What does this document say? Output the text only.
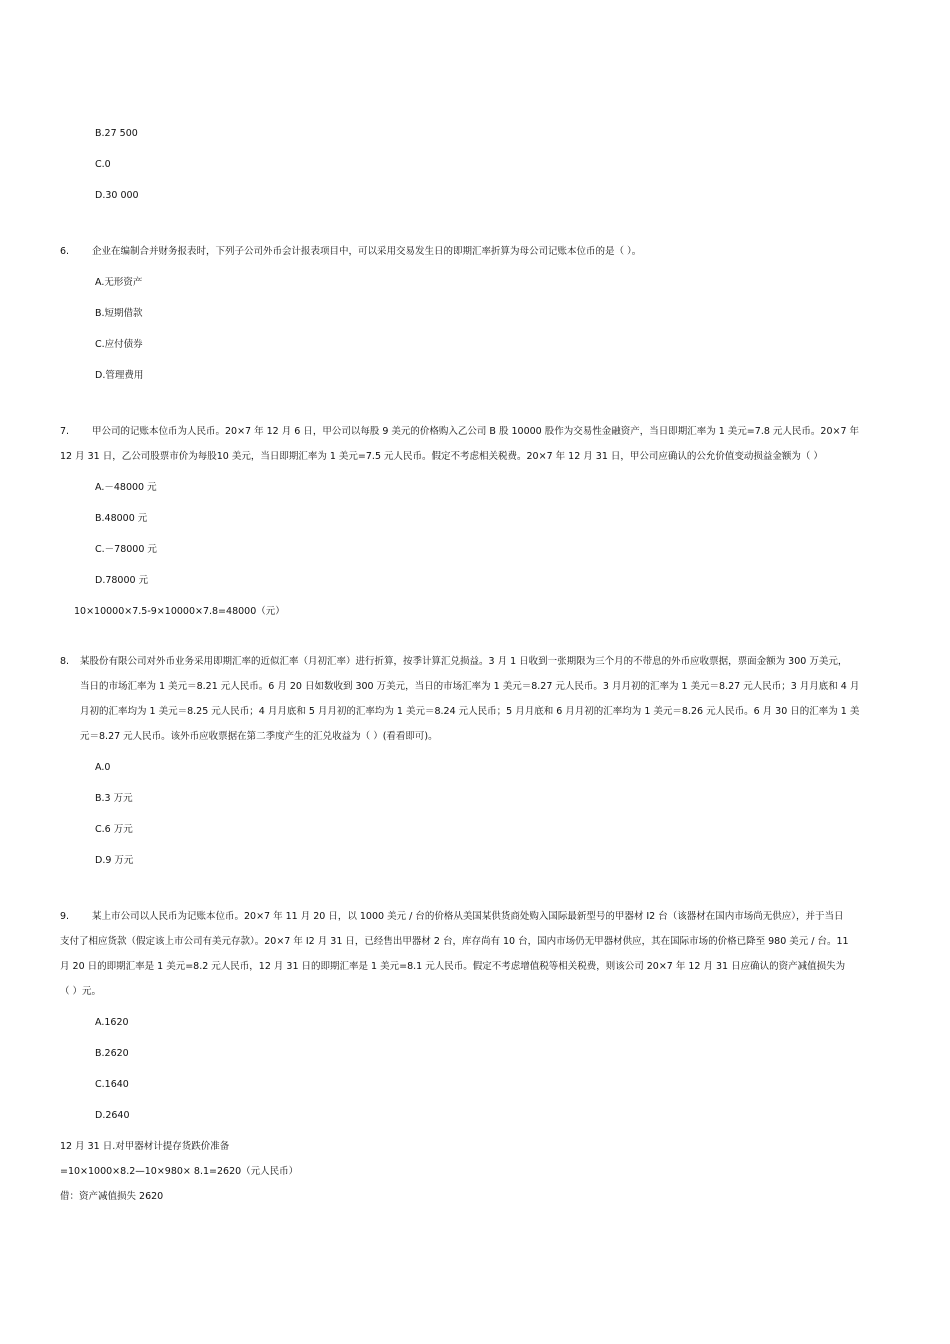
B.27 500
C.0
D.30 000
6. 企业在编制合并财务报表时，下列子公司外币会计报表项目中，可以采用交易发生日的即期汇率折算为母公司记账本位币的是（ ）。
A.无形资产
B.短期借款
C.应付债券
D.管理费用
7. 甲公司的记账本位币为人民币。20×7 年 12 月 6 日，甲公司以每股 9 美元的价格购入乙公司 B 股 10000 股作为交易性金融资产，当日即期汇率为 1 美元=7.8 元人民币。20×7 年
12 月 31 日，乙公司股票市价为每股10 美元，当日即期汇率为 1 美元=7.5 元人民币。假定不考虑相关税费。20×7 年 12 月 31 日，甲公司应确认的公允价值变动损益金额为（ ）
A.－48000 元
B.48000 元
C.－78000 元
D.78000 元
10×10000×7.5-9×10000×7.8=48000（元）
8. 某股份有限公司对外币业务采用即期汇率的近似汇率（月初汇率）进行折算，按季计算汇兑损益。3 月 1 日收到一张期限为三个月的不带息的外币应收票据，票面金额为 300 万美元，
当日的市场汇率为 1 美元＝8.21 元人民币。6 月 20 日如数收到 300 万美元，当日的市场汇率为 1 美元＝8.27 元人民币。3 月月初的汇率为 1 美元＝8.27 元人民币；3 月月底和 4 月
月初的汇率均为 1 美元＝8.25 元人民币；4 月月底和 5 月月初的汇率均为 1 美元＝8.24 元人民币；5 月月底和 6 月月初的汇率均为 1 美元＝8.26 元人民币。6 月 30 日的汇率为 1 美
元＝8.27 元人民币。该外币应收票据在第二季度产生的汇兑收益为（ ）(看看即可)。
A.0
B.3 万元
C.6 万元
D.9 万元
9. 某上市公司以人民币为记账本位币。20×7 年 11 月 20 日，以 1000 美元 / 台的价格从美国某供货商处购入国际最新型号的甲器材 I2 台（该器材在国内市场尚无供应），并于当日
支付了相应货款（假定该上市公司有美元存款）。20×7 年 I2 月 31 日，已经售出甲器材 2 台，库存尚有 10 台，国内市场仍无甲器材供应，其在国际市场的价格已降至 980 美元 / 台。11
月 20 日的即期汇率是 1 美元=8.2 元人民币，12 月 31 日的即期汇率是 1 美元=8.1 元人民币。假定不考虑增值税等相关税费，则该公司 20×7 年 12 月 31 日应确认的资产减值损失为
（ ）元。
A.1620
B.2620
C.1640
D.2640
12 月 31 日.对甲器材计提存货跌价准备
=10×1000×8.2—10×980× 8.1=2620（元人民币）
借：资产减值损失 2620
